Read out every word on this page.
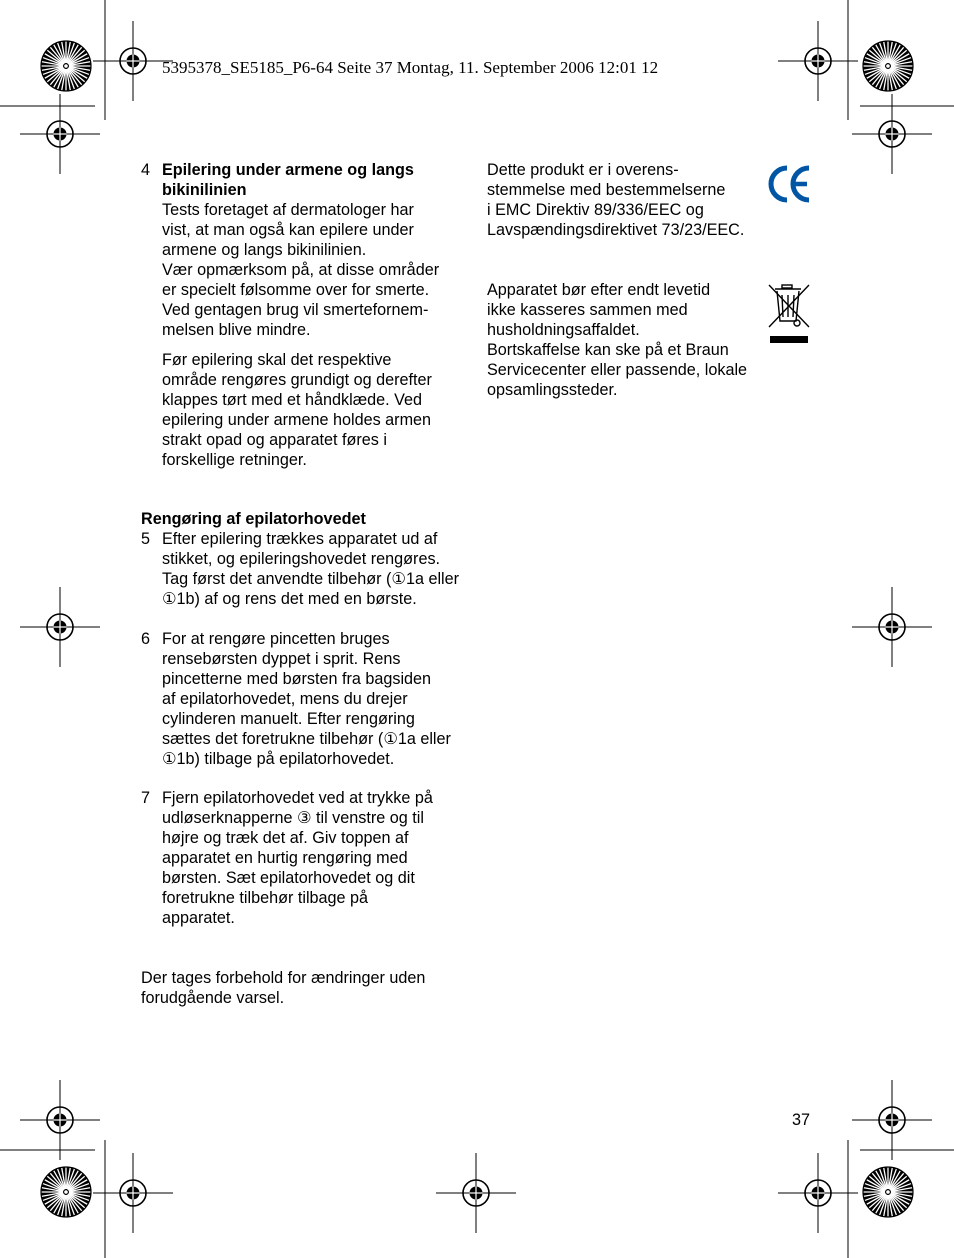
5395378_SE5185_P6-64 Seite 37 Montag, 11. September 2006 12:01 12
4 Epilering under armene og langs
bikinilinien
Tests foretaget af dermatologer har
vist, at man også kan epilere under
armene og langs bikinilinien.
Vær opmærksom på, at disse områder
er specielt følsomme over for smerte.
Ved gentagen brug vil smertefornem-
melsen blive mindre.
Før epilering skal det respektive
område rengøres grundigt og derefter
klappes tørt med et håndklæde. Ved
epilering under armene holdes armen
strakt opad og apparatet føres i
forskellige retninger.
Rengøring af epilatorhovedet
5 Efter epilering trækkes apparatet ud af
stikket, og epileringshovedet rengøres.
Tag først det anvendte tilbehør (①1a eller
①1b) af og rens det med en børste.
6 For at rengøre pincetten bruges
rensebørsten dyppet i sprit. Rens
pincetterne med børsten fra bagsiden
af epilatorhovedet, mens du drejer
cylinderen manuelt. Efter rengøring
sættes det foretrukne tilbehør (①1a eller
①1b) tilbage på epilatorhovedet.
7 Fjern epilatorhovedet ved at trykke på
udløserknapperne ③ til venstre og til
højre og træk det af. Giv toppen af
apparatet en hurtig rengøring med
børsten. Sæt epilatorhovedet og dit
foretrukne tilbehør tilbage på
apparatet.
Der tages forbehold for ændringer uden
forudgående varsel.
Dette produkt er i overens-
stemmelse med bestemmelserne
i EMC Direktiv 89/336/EEC og
Lavspændingsdirektivet 73/23/EEC.
Apparatet bør efter endt levetid
ikke kasseres sammen med
husholdningsaffaldet.
Bortskaffelse kan ske på et Braun
Servicecenter eller passende, lokale
opsamlingssteder.
37
